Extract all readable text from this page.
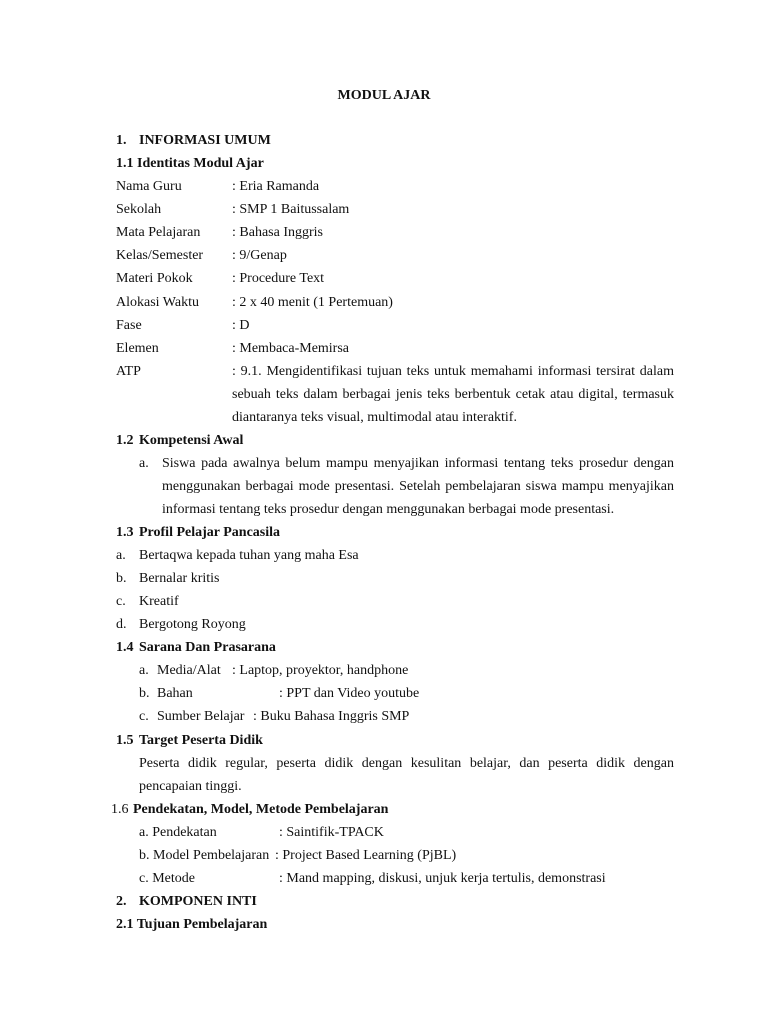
MODUL AJAR
1. INFORMASI UMUM
1.1 Identitas Modul Ajar
Nama Guru	: Eria Ramanda
Sekolah	: SMP 1 Baitussalam
Mata Pelajaran : Bahasa Inggris
Kelas/Semester : 9/Genap
Materi Pokok	: Procedure Text
Alokasi Waktu : 2 x 40 menit (1 Pertemuan)
Fase	: D
Elemen	: Membaca-Memirsa
ATP	: 9.1. Mengidentifikasi tujuan teks untuk memahami informasi tersirat dalam sebuah teks dalam berbagai jenis teks berbentuk cetak atau digital, termasuk diantaranya teks visual, multimodal atau interaktif.
1.2 Kompetensi Awal
a. Siswa pada awalnya belum mampu menyajikan informasi tentang teks prosedur dengan menggunakan berbagai mode presentasi. Setelah pembelajaran siswa mampu menyajikan informasi tentang teks prosedur dengan menggunakan berbagai mode presentasi.
1.3 Profil Pelajar Pancasila
a. Bertaqwa kepada tuhan yang maha Esa
b. Bernalar kritis
c. Kreatif
d. Bergotong Royong
1.4 Sarana Dan Prasarana
a. Media/Alat : Laptop, proyektor, handphone
b. Bahan	: PPT dan Video youtube
c. Sumber Belajar : Buku Bahasa Inggris SMP
1.5 Target Peserta Didik
Peserta didik regular, peserta didik dengan kesulitan belajar, dan peserta didik dengan pencapaian tinggi.
1.6 Pendekatan, Model, Metode Pembelajaran
a. Pendekatan	: Saintifik-TPACK
b. Model Pembelajaran : Project Based Learning (PjBL)
c. Metode	: Mand mapping, diskusi, unjuk kerja tertulis, demonstrasi
2. KOMPONEN INTI
2.1 Tujuan Pembelajaran
